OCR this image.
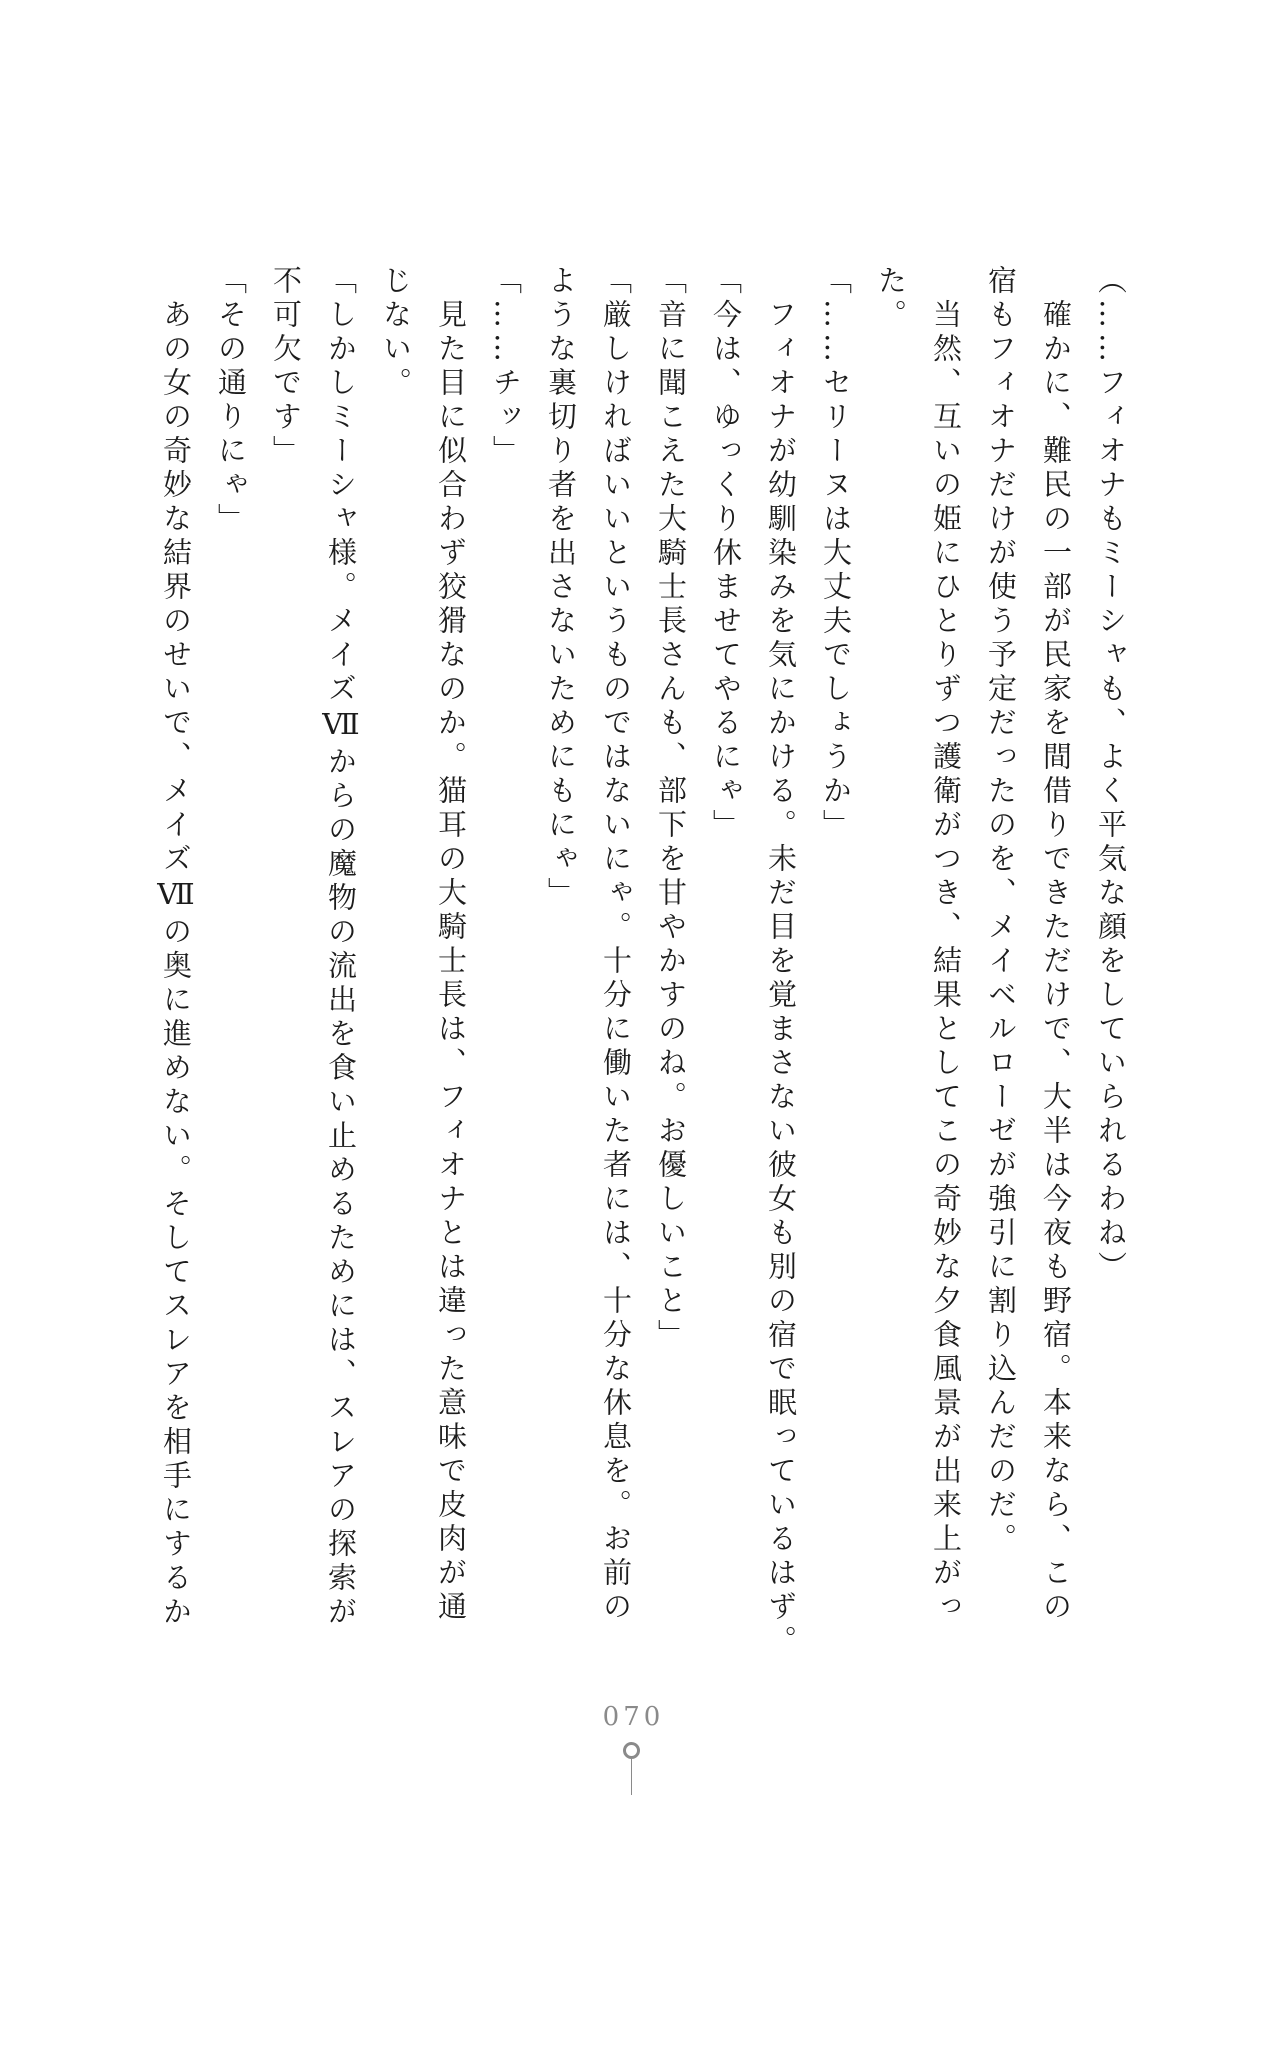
（……フィオナもミーシャも、よく平気な顔をしていられるわね）

確かに、難民の一部が民家を間借りできただけで、大半は今夜も野宿。本来なら、この

宿もフィオナだけが使う予定だったのを、メイベルローゼが強引に割り込んだのだ。

当然、互いの姫にひとりずつ護衛がつき、結果としてこの奇妙な夕食風景が出来上がっ

た。

「……セリーヌは大丈夫でしょうか」

フィオナが幼馴染みを気にかける。未だ目を覚まさない彼女も別の宿で眠っているはず。

「今は、ゆっくり休ませてやるにゃ」

「音に聞こえた大騎士長さんも、部下を甘やかすのね。お優しいこと」

「厳しければいいというものではないにゃ。十分に働いた者には、十分な休息を。お前の

ような裏切り者を出さないためにもにゃ」

「……チッ」

見た目に似合わず狡猾なのか。猫耳の大騎士長は、フィオナとは違った意味で皮肉が通

じない。

「しかしミーシャ様。メイズⅦからの魔物の流出を食い止めるためには、スレアの探索が

不可欠です」

「その通りにゃ」

あの女の奇妙な結界のせいで、メイズⅦの奥に進めない。そしてスレアを相手にするか

070
